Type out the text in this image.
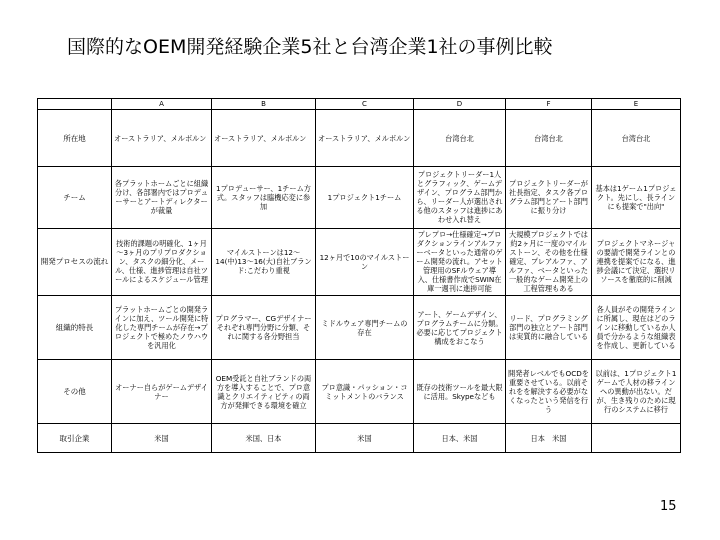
国際的なOEM開発経験企業5社と台湾企業1社の事例比較
	A	B	C	D	F	E
所在地	オーストラリア、メルボルン	オーストラリア、メルボルン	オーストラリア、メルボルン	台湾台北	台湾台北	台湾台北
チーム	各プラットホームごとに組織分け、各部署内ではプロデューサーとアートディレクターが裁量	1プロデューサー、1チーム方式。スタッフは臨機応変に参加	1プロジェクト1チーム	プロジェクトリーダー1人とグラフィック、ゲームデザイン、プログラム部門から、リーダー人が選出される他のスタッフは進捗にあわせ入れ替え	プロジェクトリーダーが社長指定、タスク各プログラム部門とアート部門に振り分け	基本は1ゲーム1プロジェクト。先にし、長ラインにも提案で"出向"
開発プロセスの流れ	技術的課題の明確化、1ヶ月～3ヶ月のプリプロダクション、タスクの細分化、メール、仕様、進捗管理は自社ツールによるスケジュール管理	マイルストーンは12～14(中)13～16(大)自社ブランド:こだわり重視	12ヶ月で10のマイルストーン	プレプロ→仕様確定→プロダクションラインアルファーベータといった通常のゲーム開発の流れ。アセット管理用のSFルウェア導入、仕様書作成でSWIN在庫一週刊に進捗可能	大規模プロジェクトでは約2ヶ月に一度のマイルストーン、その他を仕様確定、プレアルファ、アルファ、ベータといった一般的なゲーム開発上の工程管理もある	プロジェクトマネージャの要請で開発ラインとの連携を提案でになる、進捗会議にて決定、選択リソースを徹底的に削減
組織的特長	プラットホームごとの開発ラインに加え、ツール開発に特化した専門チームが存在→プロジェクトで極めたノウハウを汎用化	プログラマー、CGデザイナーそれぞれ専門分野に分類、それに関する各分野担当	ミドルウェア専門チームの存在	アート、ゲームデザイン、プログラムチームに分類。必要に応じてプロジェクト構成をおこなう	リード、プログラミング部門の独立とアート部門は実質的に融合している	各人員がその開発ラインに所属し、現在はどのラインに移動しているか人員で分かるような組織表を作成し、更新している
その他	オーナー自らがゲームデザイナー	OEM受託と自社ブランドの両方を導入することで、プロ意識とクリエイティビティの両方が発揮できる環境を確立	プロ意識・パッション・コミットメントのバランス	既存の技術ツールを最大限に活用。Skypeなども	開発者レベルでもOCDを重要させている。以前それをを解決する必要がなくなったという発信を行う	以前は、1プロジェクト1ゲームで人材の移ラインへの異動が出ない。だが、生き残りのために現行のシステムに移行
取引企業	米国	米国、日本	米国	日本、米国	日本　米国	
15
